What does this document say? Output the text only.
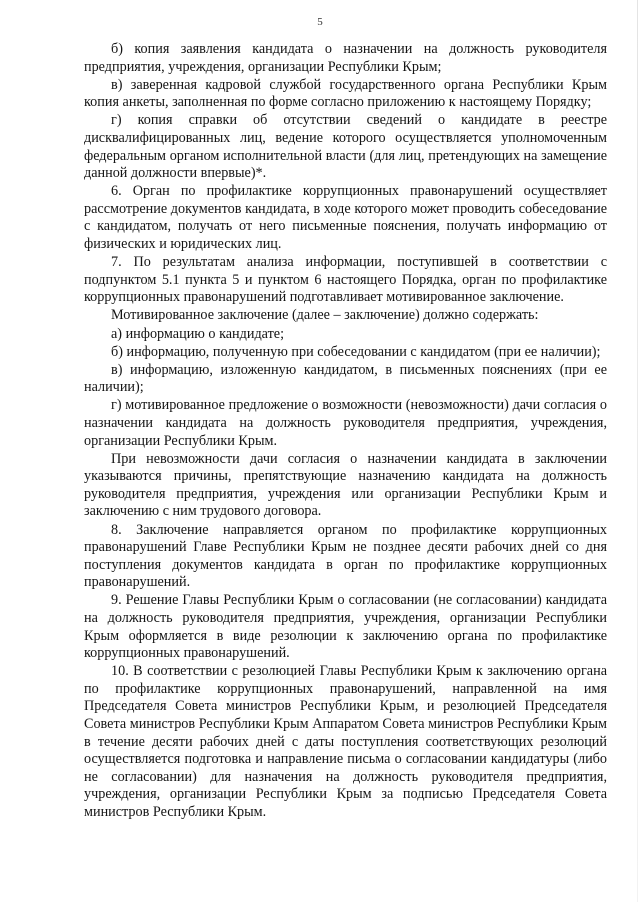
5

б) копия заявления кандидата о назначении на должность руководителя предприятия, учреждения, организации Республики Крым;

в) заверенная кадровой службой государственного органа Республики Крым копия анкеты, заполненная по форме согласно приложению к настоящему Порядку;

г) копия справки об отсутствии сведений о кандидате в реестре дисквалифицированных лиц, ведение которого осуществляется уполномоченным федеральным органом исполнительной власти (для лиц, претендующих на замещение данной должности впервые)*.

6. Орган по профилактике коррупционных правонарушений осуществляет рассмотрение документов кандидата, в ходе которого может проводить собеседование с кандидатом, получать от него письменные пояснения, получать информацию от физических и юридических лиц.

7. По результатам анализа информации, поступившей в соответствии с подпунктом 5.1 пункта 5 и пунктом 6 настоящего Порядка, орган по профилактике коррупционных правонарушений подготавливает мотивированное заключение.

Мотивированное заключение (далее – заключение) должно содержать:

а) информацию о кандидате;

б) информацию, полученную при собеседовании с кандидатом (при ее наличии);

в) информацию, изложенную кандидатом, в письменных пояснениях (при ее наличии);

г) мотивированное предложение о возможности (невозможности) дачи согласия о назначении кандидата на должность руководителя предприятия, учреждения, организации Республики Крым.

При невозможности дачи согласия о назначении кандидата в заключении указываются причины, препятствующие назначению кандидата на должность руководителя предприятия, учреждения или организации Республики Крым и заключению с ним трудового договора.

8. Заключение направляется органом по профилактике коррупционных правонарушений Главе Республики Крым не позднее десяти рабочих дней со дня поступления документов кандидата в орган по профилактике коррупционных правонарушений.

9. Решение Главы Республики Крым о согласовании (не согласовании) кандидата на должность руководителя предприятия, учреждения, организации Республики Крым оформляется в виде резолюции к заключению органа по профилактике коррупционных правонарушений.

10. В соответствии с резолюцией Главы Республики Крым к заключению органа по профилактике коррупционных правонарушений, направленной на имя Председателя Совета министров Республики Крым, и резолюцией Председателя Совета министров Республики Крым Аппаратом Совета министров Республики Крым в течение десяти рабочих дней с даты поступления соответствующих резолюций осуществляется подготовка и направление письма о согласовании кандидатуры (либо не согласовании) для назначения на должность руководителя предприятия, учреждения, организации Республики Крым за подписью Председателя Совета министров Республики Крым.
